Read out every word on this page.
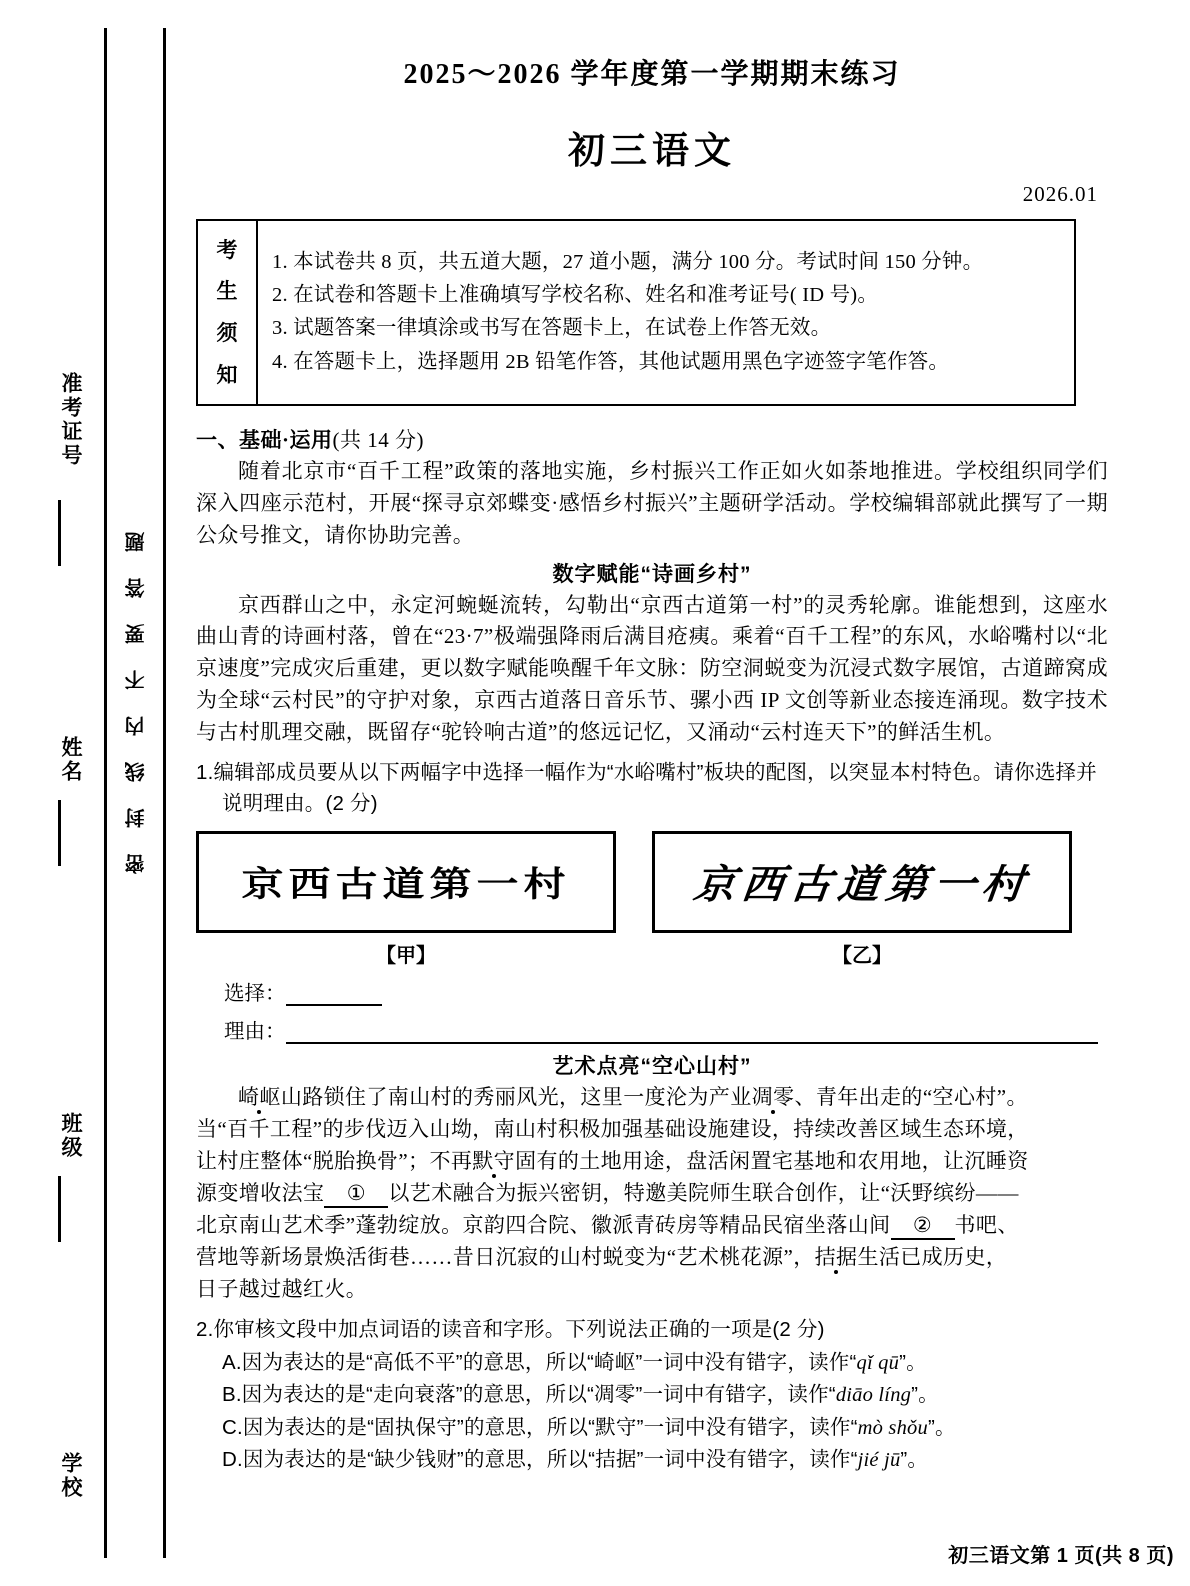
准考证号
姓名
班级
学校
密封线内不要答题
2025～2026 学年度第一学期期末练习
初三语文
2026.01
考
生
须
知
1. 本试卷共 8 页，共五道大题，27 道小题，满分 100 分。考试时间 150 分钟。
2. 在试卷和答题卡上准确填写学校名称、姓名和准考证号( ID 号)。
3. 试题答案一律填涂或书写在答题卡上，在试卷上作答无效。
4. 在答题卡上，选择题用 2B 铅笔作答，其他试题用黑色字迹签字笔作答。
一、基础·运用(共 14 分)
随着北京市“百千工程”政策的落地实施，乡村振兴工作正如火如荼地推进。学校组织同学们深入四座示范村，开展“探寻京郊蝶变·感悟乡村振兴”主题研学活动。学校编辑部就此撰写了一期公众号推文，请你协助完善。
数字赋能“诗画乡村”
京西群山之中，永定河蜿蜒流转，勾勒出“京西古道第一村”的灵秀轮廓。谁能想到，这座水曲山青的诗画村落，曾在“23·7”极端强降雨后满目疮痍。乘着“百千工程”的东风，水峪嘴村以“北京速度”完成灾后重建，更以数字赋能唤醒千年文脉：防空洞蜕变为沉浸式数字展馆，古道蹄窝成为全球“云村民”的守护对象，京西古道落日音乐节、骡小西 IP 文创等新业态接连涌现。数字技术与古村肌理交融，既留存“驼铃响古道”的悠远记忆，又涌动“云村连天下”的鲜活生机。
1.编辑部成员要从以下两幅字中选择一幅作为“水峪嘴村”板块的配图，以突显本村特色。请你选择并说明理由。(2 分)
京西古道第一村
【甲】
京西古道第一村
【乙】
选择：
理由：
艺术点亮“空心山村”
崎岖山路锁住了南山村的秀丽风光，这里一度沦为产业凋零、青年出走的“空心村”。
当“百千工程”的步伐迈入山坳，南山村积极加强基础设施建设，持续改善区域生态环境，
让村庄整体“脱胎换骨”；不再默守固有的土地用途，盘活闲置宅基地和农用地，让沉睡资
源变增收法宝 ① 以艺术融合为振兴密钥，特邀美院师生联合创作，让“沃野缤纷——
北京南山艺术季”蓬勃绽放。京韵四合院、徽派青砖房等精品民宿坐落山间 ② 书吧、
营地等新场景焕活街巷……昔日沉寂的山村蜕变为“艺术桃花源”，拮据生活已成历史，
日子越过越红火。
2.你审核文段中加点词语的读音和字形。下列说法正确的一项是(2 分)
A.因为表达的是“高低不平”的意思，所以“崎岖”一词中没有错字，读作“qǐ qū”。
B.因为表达的是“走向衰落”的意思，所以“凋零”一词中有错字，读作“diāo líng”。
C.因为表达的是“固执保守”的意思，所以“默守”一词中没有错字，读作“mò shǒu”。
D.因为表达的是“缺少钱财”的意思，所以“拮据”一词中没有错字，读作“jié jū”。
初三语文第 1 页(共 8 页)
